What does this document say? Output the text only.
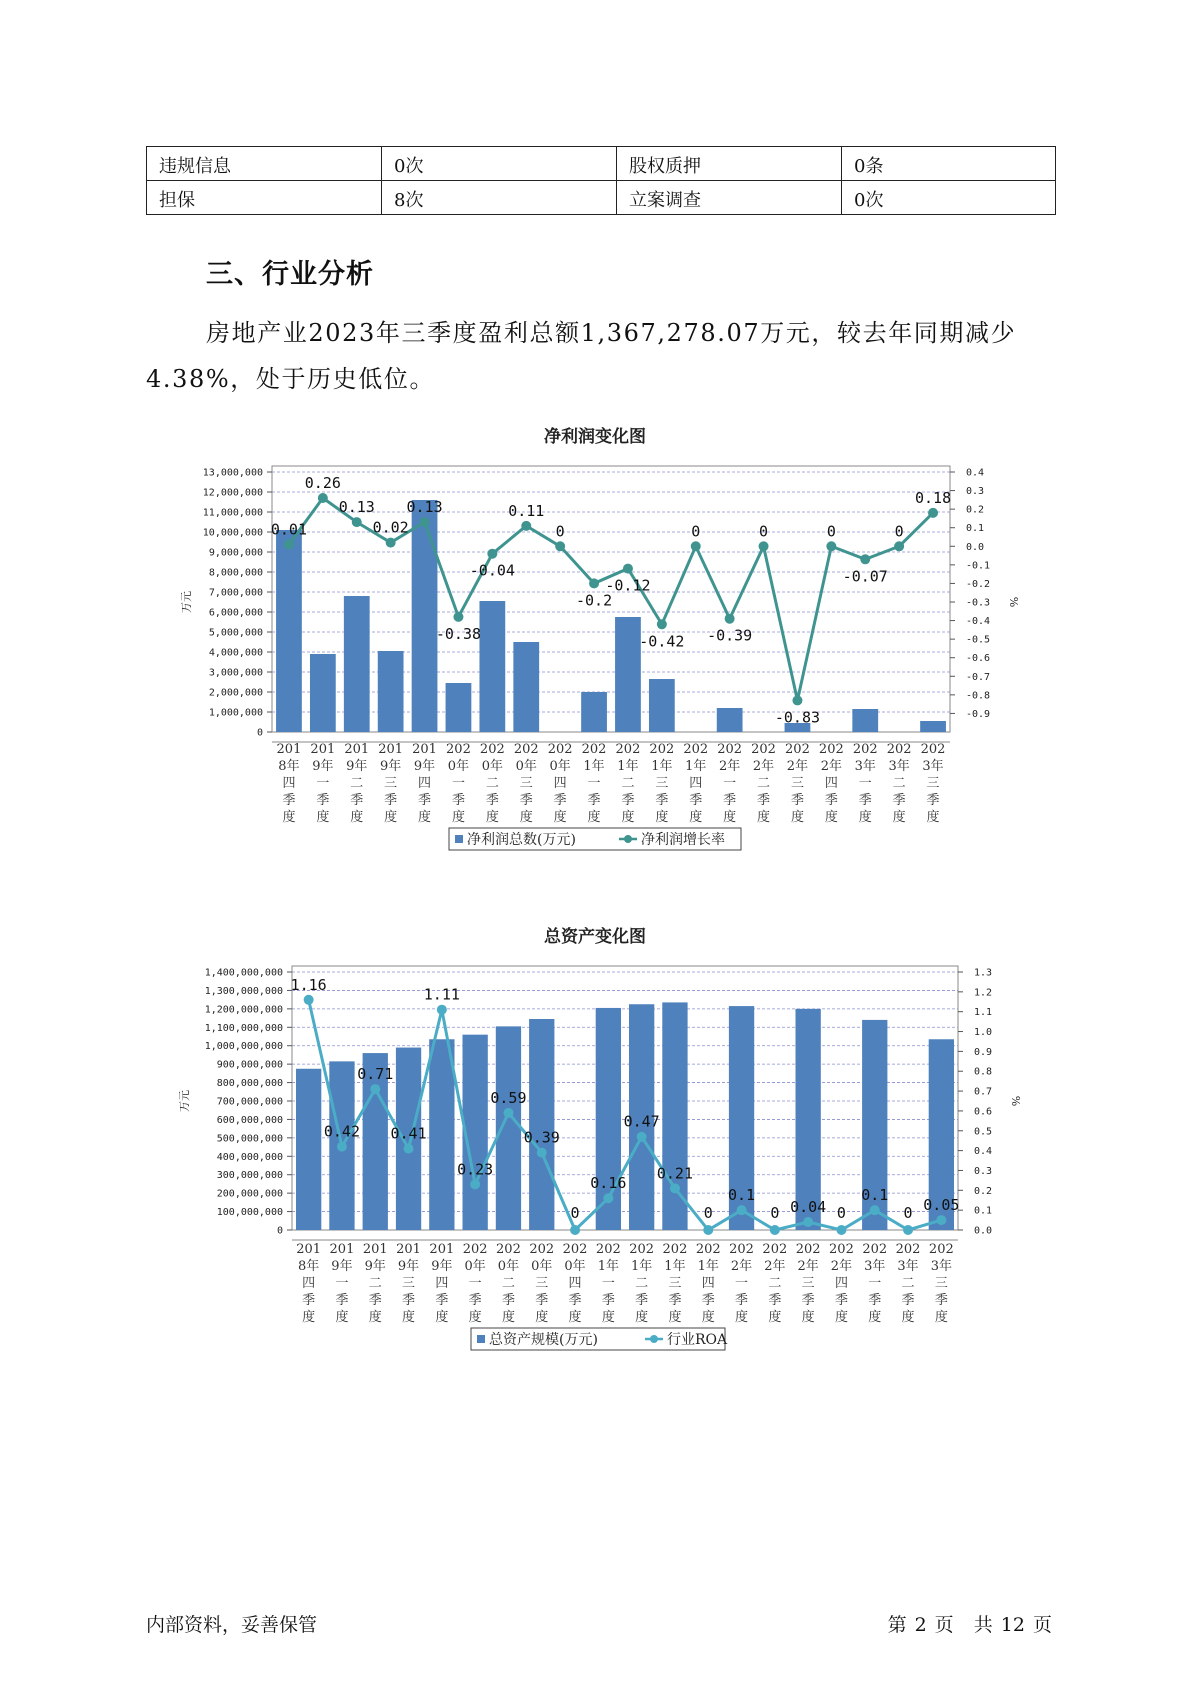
违规信息	0次	股权质押	0条
担保	8次	立案调查	0次
三、行业分析
房地产业2023年三季度盈利总额1,367,278.07万元，较去年同期减少4.38%，处于历史低位。
净利润变化图
0
1,000,000
2,000,000
3,000,000
4,000,000
5,000,000
6,000,000
7,000,000
8,000,000
9,000,000
10,000,000
11,000,000
12,000,000
13,000,000
-0.9
-0.8
-0.7
-0.6
-0.5
-0.4
-0.3
-0.2
-0.1
0.0
0.1
0.2
0.3
0.4
万元	%
201
8年
四
季
度
201
9年
一
季
度
201
9年
二
季
度
201
9年
三
季
度
201
9年
四
季
度
202
0年
一
季
度
202
0年
二
季
度
202
0年
三
季
度
202
0年
四
季
度
202
1年
一
季
度
202
1年
二
季
度
202
1年
三
季
度
202
1年
四
季
度
202
2年
一
季
度
202
2年
二
季
度
202
2年
三
季
度
202
2年
四
季
度
202
3年
一
季
度
202
3年
二
季
度
202
3年
三
季
度
0.01
0.26
0.13
0.02
0.13
-0.38
-0.04
0.11
0
-0.2
-0.12
-0.42
0
-0.39
0
-0.83
0
-0.07
0
0.18
净利润总数(万元)	净利润增长率
总资产变化图
0
100,000,000
200,000,000
300,000,000
400,000,000
500,000,000
600,000,000
700,000,000
800,000,000
900,000,000
1,000,000,000
1,100,000,000
1,200,000,000
1,300,000,000
1,400,000,000
0.0
0.1
0.2
0.3
0.4
0.5
0.6
0.7
0.8
0.9
1.0
1.1
1.2
1.3
万元	%
201
8年
四
季
度
201
9年
一
季
度
201
9年
二
季
度
201
9年
三
季
度
201
9年
四
季
度
202
0年
一
季
度
202
0年
二
季
度
202
0年
三
季
度
202
0年
四
季
度
202
1年
一
季
度
202
1年
二
季
度
202
1年
三
季
度
202
1年
四
季
度
202
2年
一
季
度
202
2年
二
季
度
202
2年
三
季
度
202
2年
四
季
度
202
3年
一
季
度
202
3年
二
季
度
202
3年
三
季
度
1.16
0.42
0.71
0.41
1.11
0.23
0.59
0.39
0
0.16
0.47
0.21
0
0.1
0 0.04 0
0.1
0 0.05
总资产规模(万元)	行业ROA
内部资料，妥善保管	第 2 页 共 12 页
